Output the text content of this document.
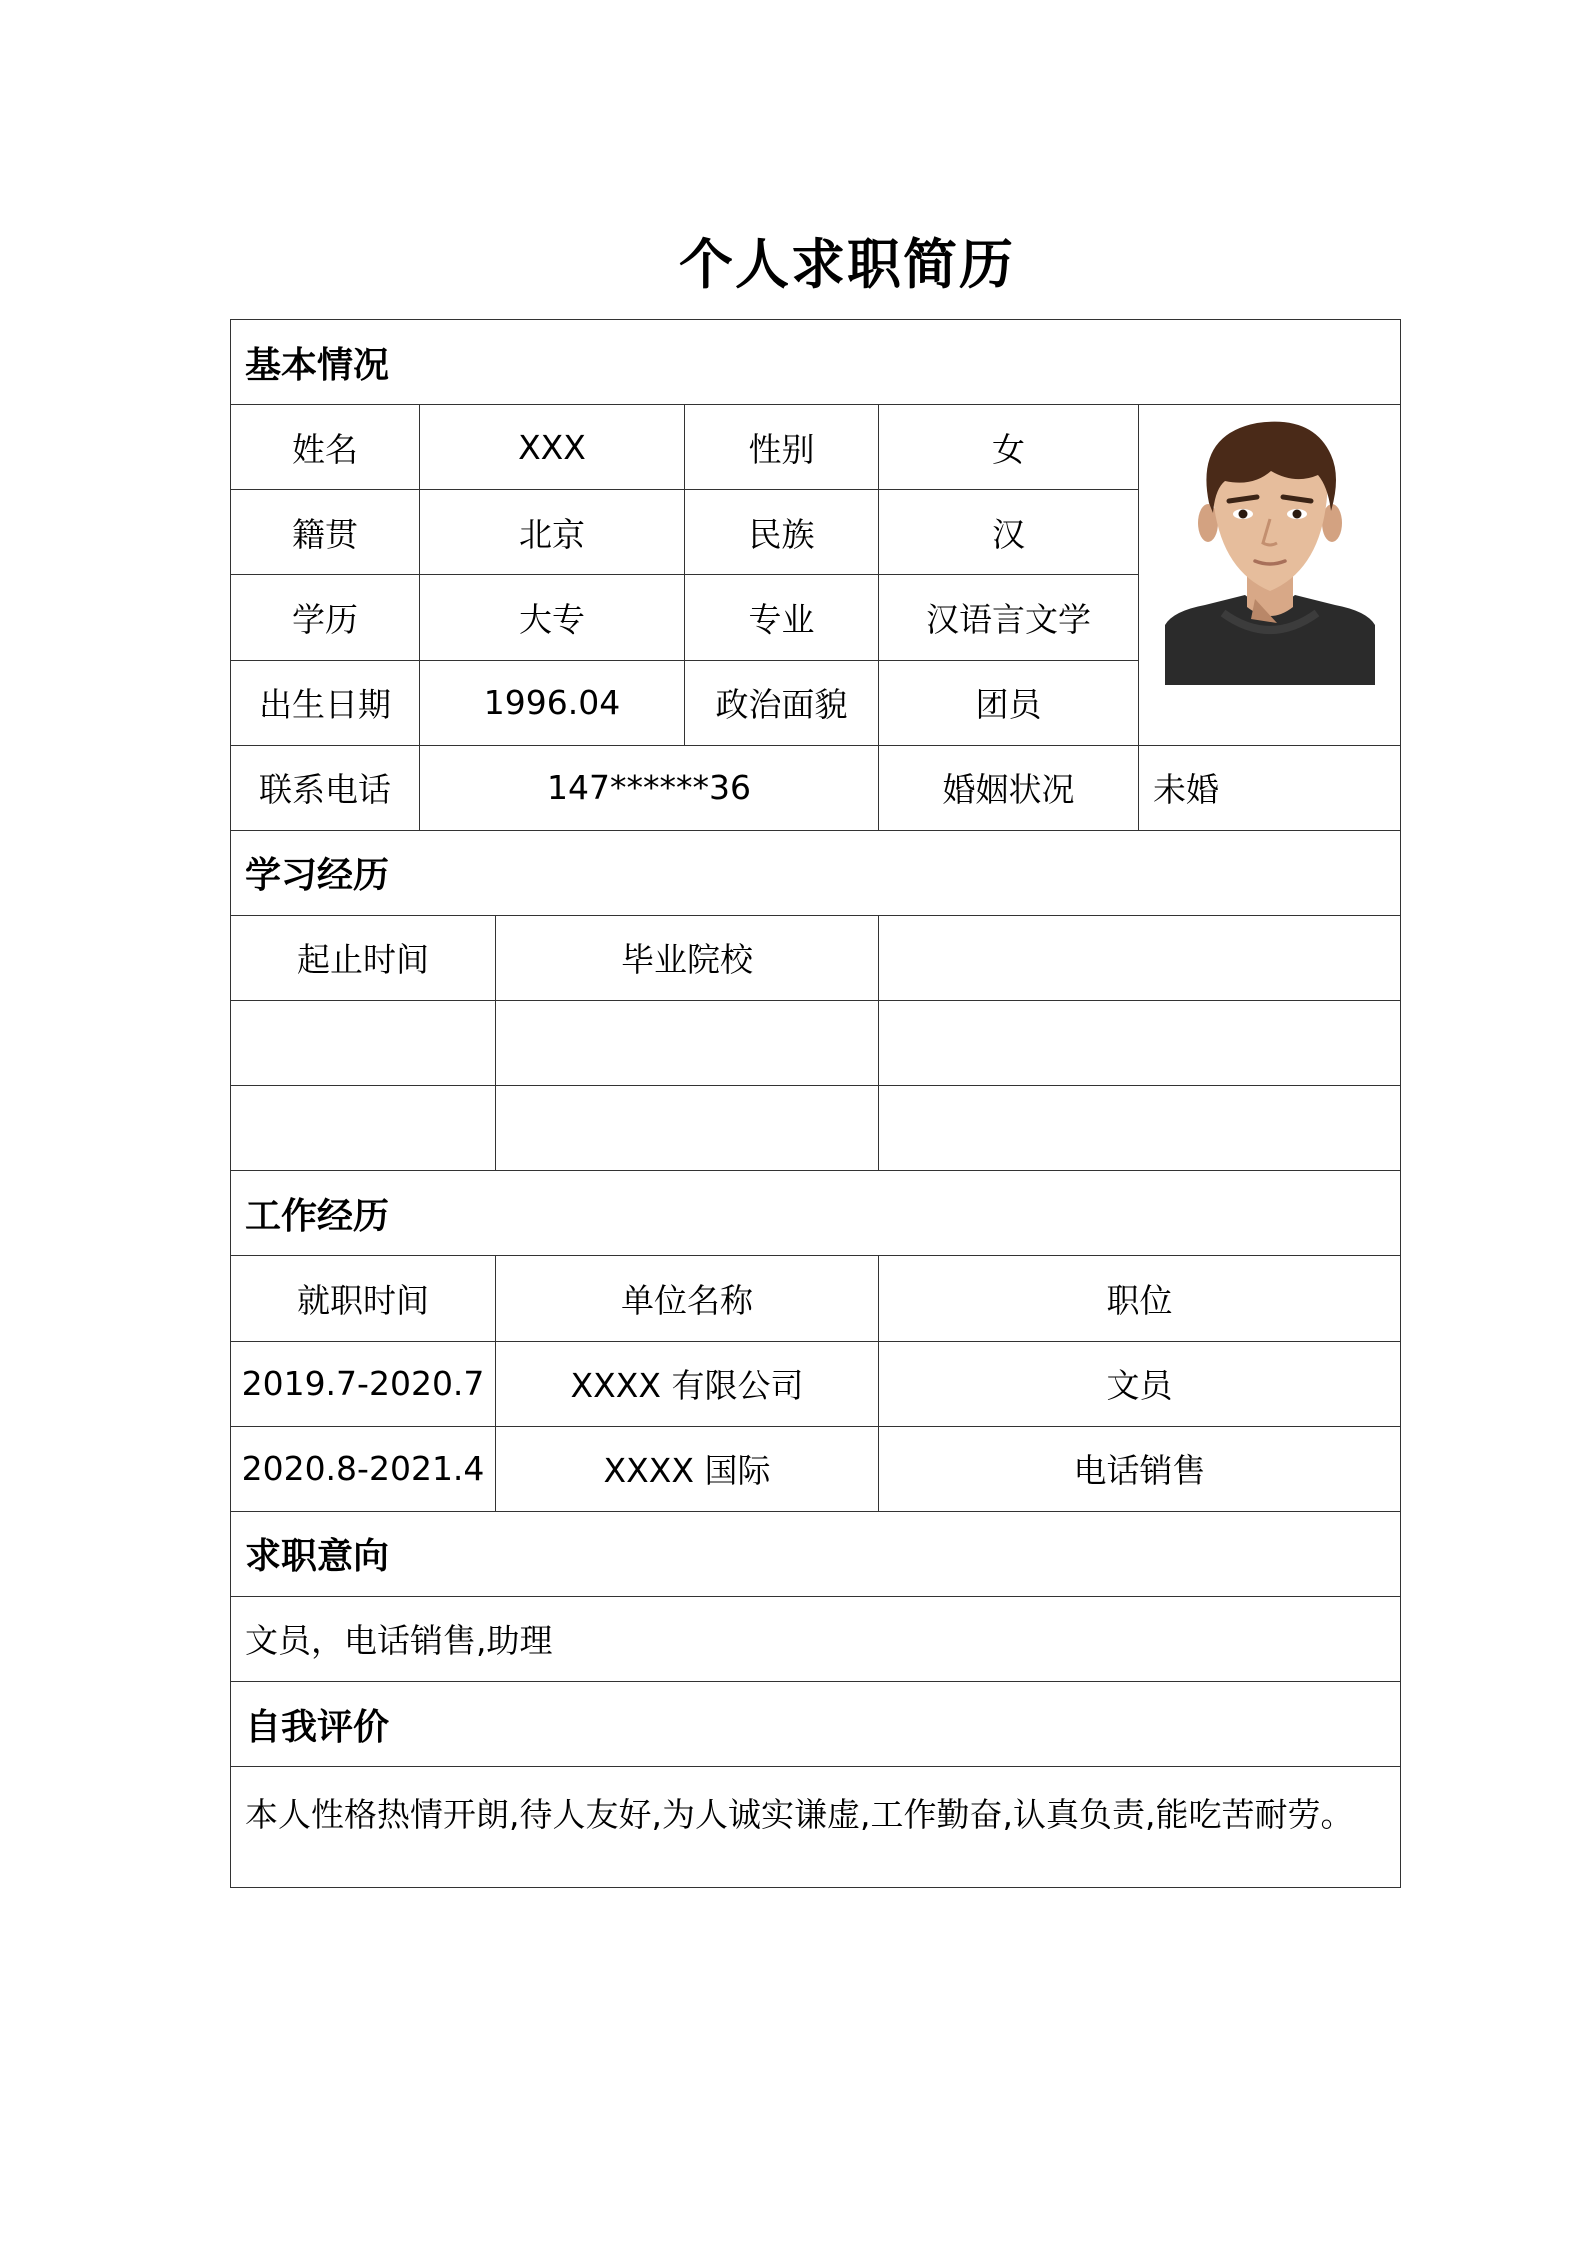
个人求职简历
基本情况					
姓名	XXX		性别	女	

籍贯	北京		民族	汉	
学历	大专		专业	汉语言文学	
出生日期	1996.04		政治面貌	团员	
联系电话	147******36			婚姻状况	未婚
学习经历					
起止时间		毕业院校			

工作经历					
就职时间		单位名称		职位	
2019.7-2020.7		XXXX 有限公司		文员	
2020.8-2021.4		XXXX 国际		电话销售	
求职意向					
文员，电话销售,助理					
自我评价					
本人性格热情开朗,待人友好,为人诚实谦虚,工作勤奋,认真负责,能吃苦耐劳。					
